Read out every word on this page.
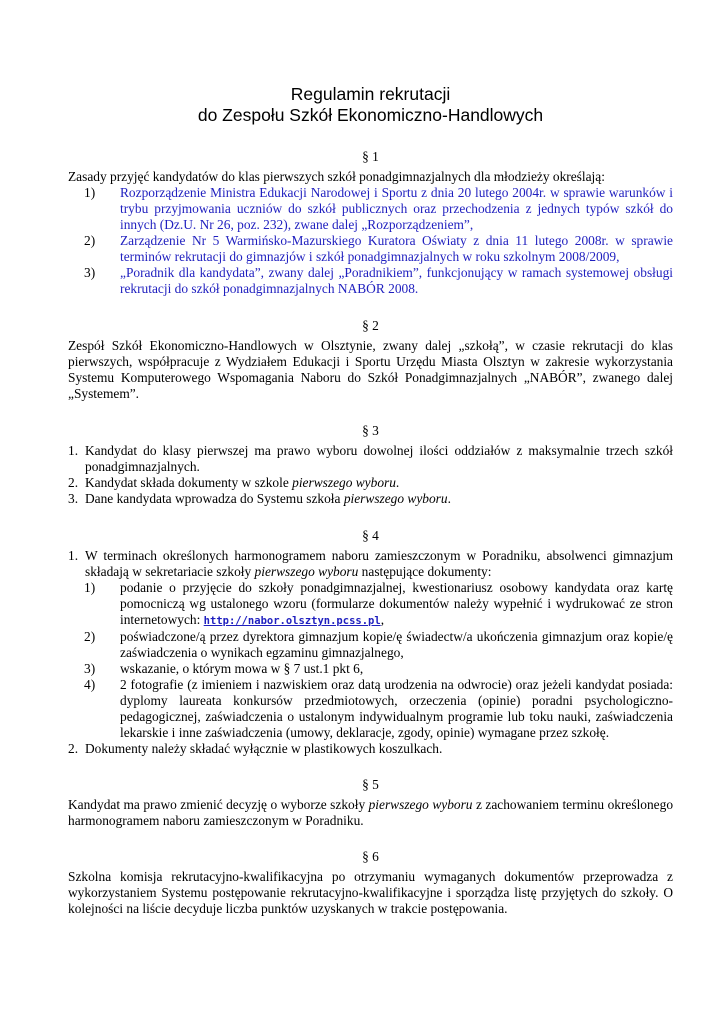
Regulamin rekrutacji
do Zespołu Szkół Ekonomiczno-Handlowych

§ 1

Zasady przyjęć kandydatów do klas pierwszych szkół ponadgimnazjalnych dla młodzieży określają:

1)	Rozporządzenie Ministra Edukacji Narodowej i Sportu z dnia 20 lutego 2004r. w sprawie warunków i trybu przyjmowania uczniów do szkół publicznych oraz przechodzenia z jednych typów szkół do innych (Dz.U. Nr 26, poz. 232), zwane dalej „Rozporządzeniem”,
2)	Zarządzenie Nr 5 Warmińsko-Mazurskiego Kuratora Oświaty z dnia 11 lutego 2008r. w sprawie terminów rekrutacji do gimnazjów i szkół ponadgimnazjalnych w roku szkolnym 2008/2009,
3)	„Poradnik dla kandydata”, zwany dalej „Poradnikiem”, funkcjonujący w ramach systemowej obsługi rekrutacji do szkół ponadgimnazjalnych NABÓR 2008.

§ 2

Zespół Szkół Ekonomiczno-Handlowych w Olsztynie, zwany dalej „szkołą”, w czasie rekrutacji do klas pierwszych, współpracuje z Wydziałem Edukacji i Sportu Urzędu Miasta Olsztyn w zakresie wykorzystania Systemu Komputerowego Wspomagania Naboru do Szkół Ponadgimnazjalnych „NABÓR”, zwanego dalej „Systemem”.

§ 3

1. Kandydat do klasy pierwszej ma prawo wyboru dowolnej ilości oddziałów z maksymalnie trzech szkół ponadgimnazjalnych.
2. Kandydat składa dokumenty w szkole pierwszego wyboru.
3. Dane kandydata wprowadza do Systemu szkoła pierwszego wyboru.

§ 4

1. W terminach określonych harmonogramem naboru zamieszczonym w Poradniku, absolwenci gimnazjum składają w sekretariacie szkoły pierwszego wyboru następujące dokumenty:
1)	podanie o przyjęcie do szkoły ponadgimnazjalnej, kwestionariusz osobowy kandydata oraz kartę pomocniczą wg ustalonego wzoru (formularze dokumentów należy wypełnić i wydrukować ze stron internetowych: http://nabor.olsztyn.pcss.pl,
2)	poświadczone/ą przez dyrektora gimnazjum kopie/ę świadectw/a ukończenia gimnazjum oraz kopie/ę zaświadczenia o wynikach egzaminu gimnazjalnego,
3)	wskazanie, o którym mowa w § 7 ust.1 pkt 6,
4)	2 fotografie (z imieniem i nazwiskiem oraz datą urodzenia na odwrocie) oraz jeżeli kandydat posiada: dyplomy laureata konkursów przedmiotowych, orzeczenia (opinie) poradni psychologiczno-pedagogicznej, zaświadczenia o ustalonym indywidualnym programie lub toku nauki, zaświadczenia lekarskie i inne zaświadczenia (umowy, deklaracje, zgody, opinie) wymagane przez szkołę.
2. Dokumenty należy składać wyłącznie w plastikowych koszulkach.

§ 5

Kandydat ma prawo zmienić decyzję o wyborze szkoły pierwszego wyboru z zachowaniem terminu określonego harmonogramem naboru zamieszczonym w Poradniku.

§ 6

Szkolna komisja rekrutacyjno-kwalifikacyjna po otrzymaniu wymaganych dokumentów przeprowadza z wykorzystaniem Systemu postępowanie rekrutacyjno-kwalifikacyjne i sporządza listę przyjętych do szkoły. O kolejności na liście decyduje liczba punktów uzyskanych w trakcie postępowania.
